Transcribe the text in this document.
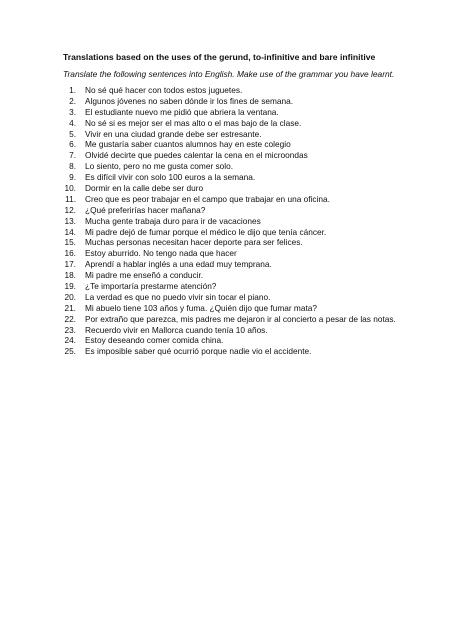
Translations based on the uses of the gerund, to-infinitive and bare infinitive
Translate the following sentences into English. Make use of the grammar you have learnt.
1.	No sé qué hacer con todos estos juguetes.
2.	Algunos jóvenes no saben dónde ir los fines de semana.
3.	El estudiante nuevo me pidió que abriera la ventana.
4.	No sé si es mejor ser el mas alto o el mas bajo de la clase.
5.	Vivir en una ciudad grande debe ser estresante.
6.	Me gustaría saber cuantos alumnos hay en este colegio
7.	Olvidé decirte que puedes calentar la cena en el microondas
8.	Lo siento, pero no me gusta comer solo.
9.	Es difícil vivir con solo 100 euros a la semana.
10.	Dormir en la calle debe ser duro
11.	Creo que es peor trabajar en el campo que trabajar en una oficina.
12.	¿Qué preferirías hacer mañana?
13.	Mucha gente trabaja duro para ir de vacaciones
14.	Mi padre dejó de fumar porque el médico le dijo que tenía cáncer.
15.	Muchas personas necesitan hacer deporte para ser felices.
16.	Estoy aburrido. No tengo nada que hacer
17.	Aprendí a hablar inglés a una edad muy temprana.
18.	Mi padre me enseñó a conducir.
19.	¿Te importaría prestarme atención?
20.	La verdad es que no puedo vivir sin tocar el piano.
21.	Mi abuelo tiene 103 años y fuma. ¿Quién dijo que fumar mata?
22.	Por extraño que parezca, mis padres me dejaron ir al concierto a pesar de las notas.
23.	Recuerdo vivir en Mallorca cuando tenía 10 años.
24.	Estoy deseando comer comida china.
25.	Es imposible saber qué ocurrió porque nadie vio el accidente.
